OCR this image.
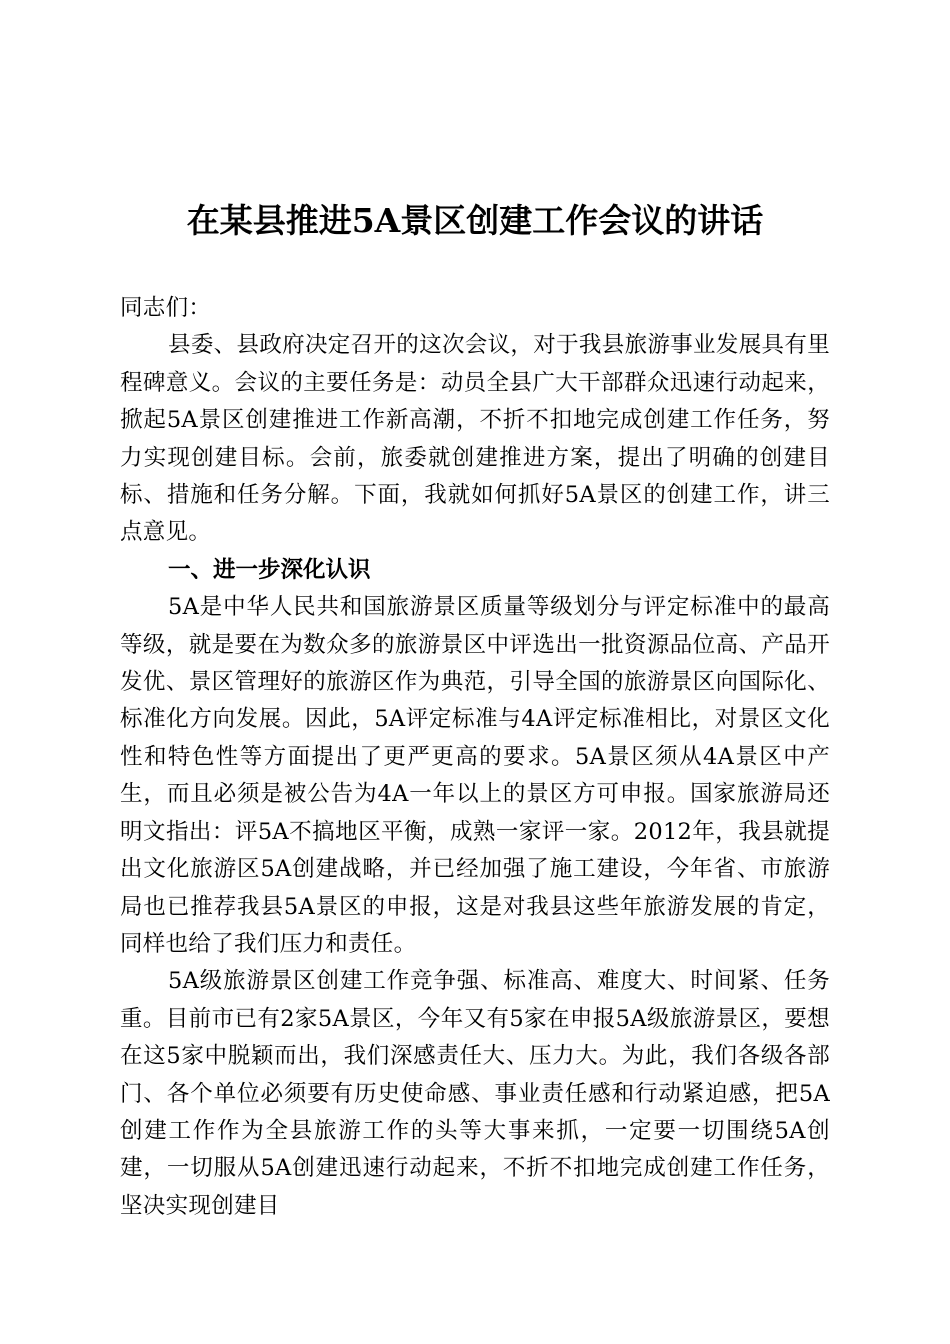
在某县推进5A景区创建工作会议的讲话

同志们：

县委、县政府决定召开的这次会议，对于我县旅游事业发展具有里程碑意义。会议的主要任务是：动员全县广大干部群众迅速行动起来，掀起5A景区创建推进工作新高潮，不折不扣地完成创建工作任务，努力实现创建目标。会前，旅委就创建推进方案，提出了明确的创建目标、措施和任务分解。下面，我就如何抓好5A景区的创建工作，讲三点意见。

一、进一步深化认识

5A是中华人民共和国旅游景区质量等级划分与评定标准中的最高等级，就是要在为数众多的旅游景区中评选出一批资源品位高、产品开发优、景区管理好的旅游区作为典范，引导全国的旅游景区向国际化、标准化方向发展。因此，5A评定标准与4A评定标准相比，对景区文化性和特色性等方面提出了更严更高的要求。5A景区须从4A景区中产生，而且必须是被公告为4A一年以上的景区方可申报。国家旅游局还明文指出：评5A不搞地区平衡，成熟一家评一家。2012年，我县就提出文化旅游区5A创建战略，并已经加强了施工建设，今年省、市旅游局也已推荐我县5A景区的申报，这是对我县这些年旅游发展的肯定，同样也给了我们压力和责任。

5A级旅游景区创建工作竞争强、标准高、难度大、时间紧、任务重。目前市已有2家5A景区，今年又有5家在申报5A级旅游景区，要想在这5家中脱颖而出，我们深感责任大、压力大。为此，我们各级各部门、各个单位必须要有历史使命感、事业责任感和行动紧迫感，把5A创建工作作为全县旅游工作的头等大事来抓，一定要一切围绕5A创建，一切服从5A创建迅速行动起来，不折不扣地完成创建工作任务，坚决实现创建目
